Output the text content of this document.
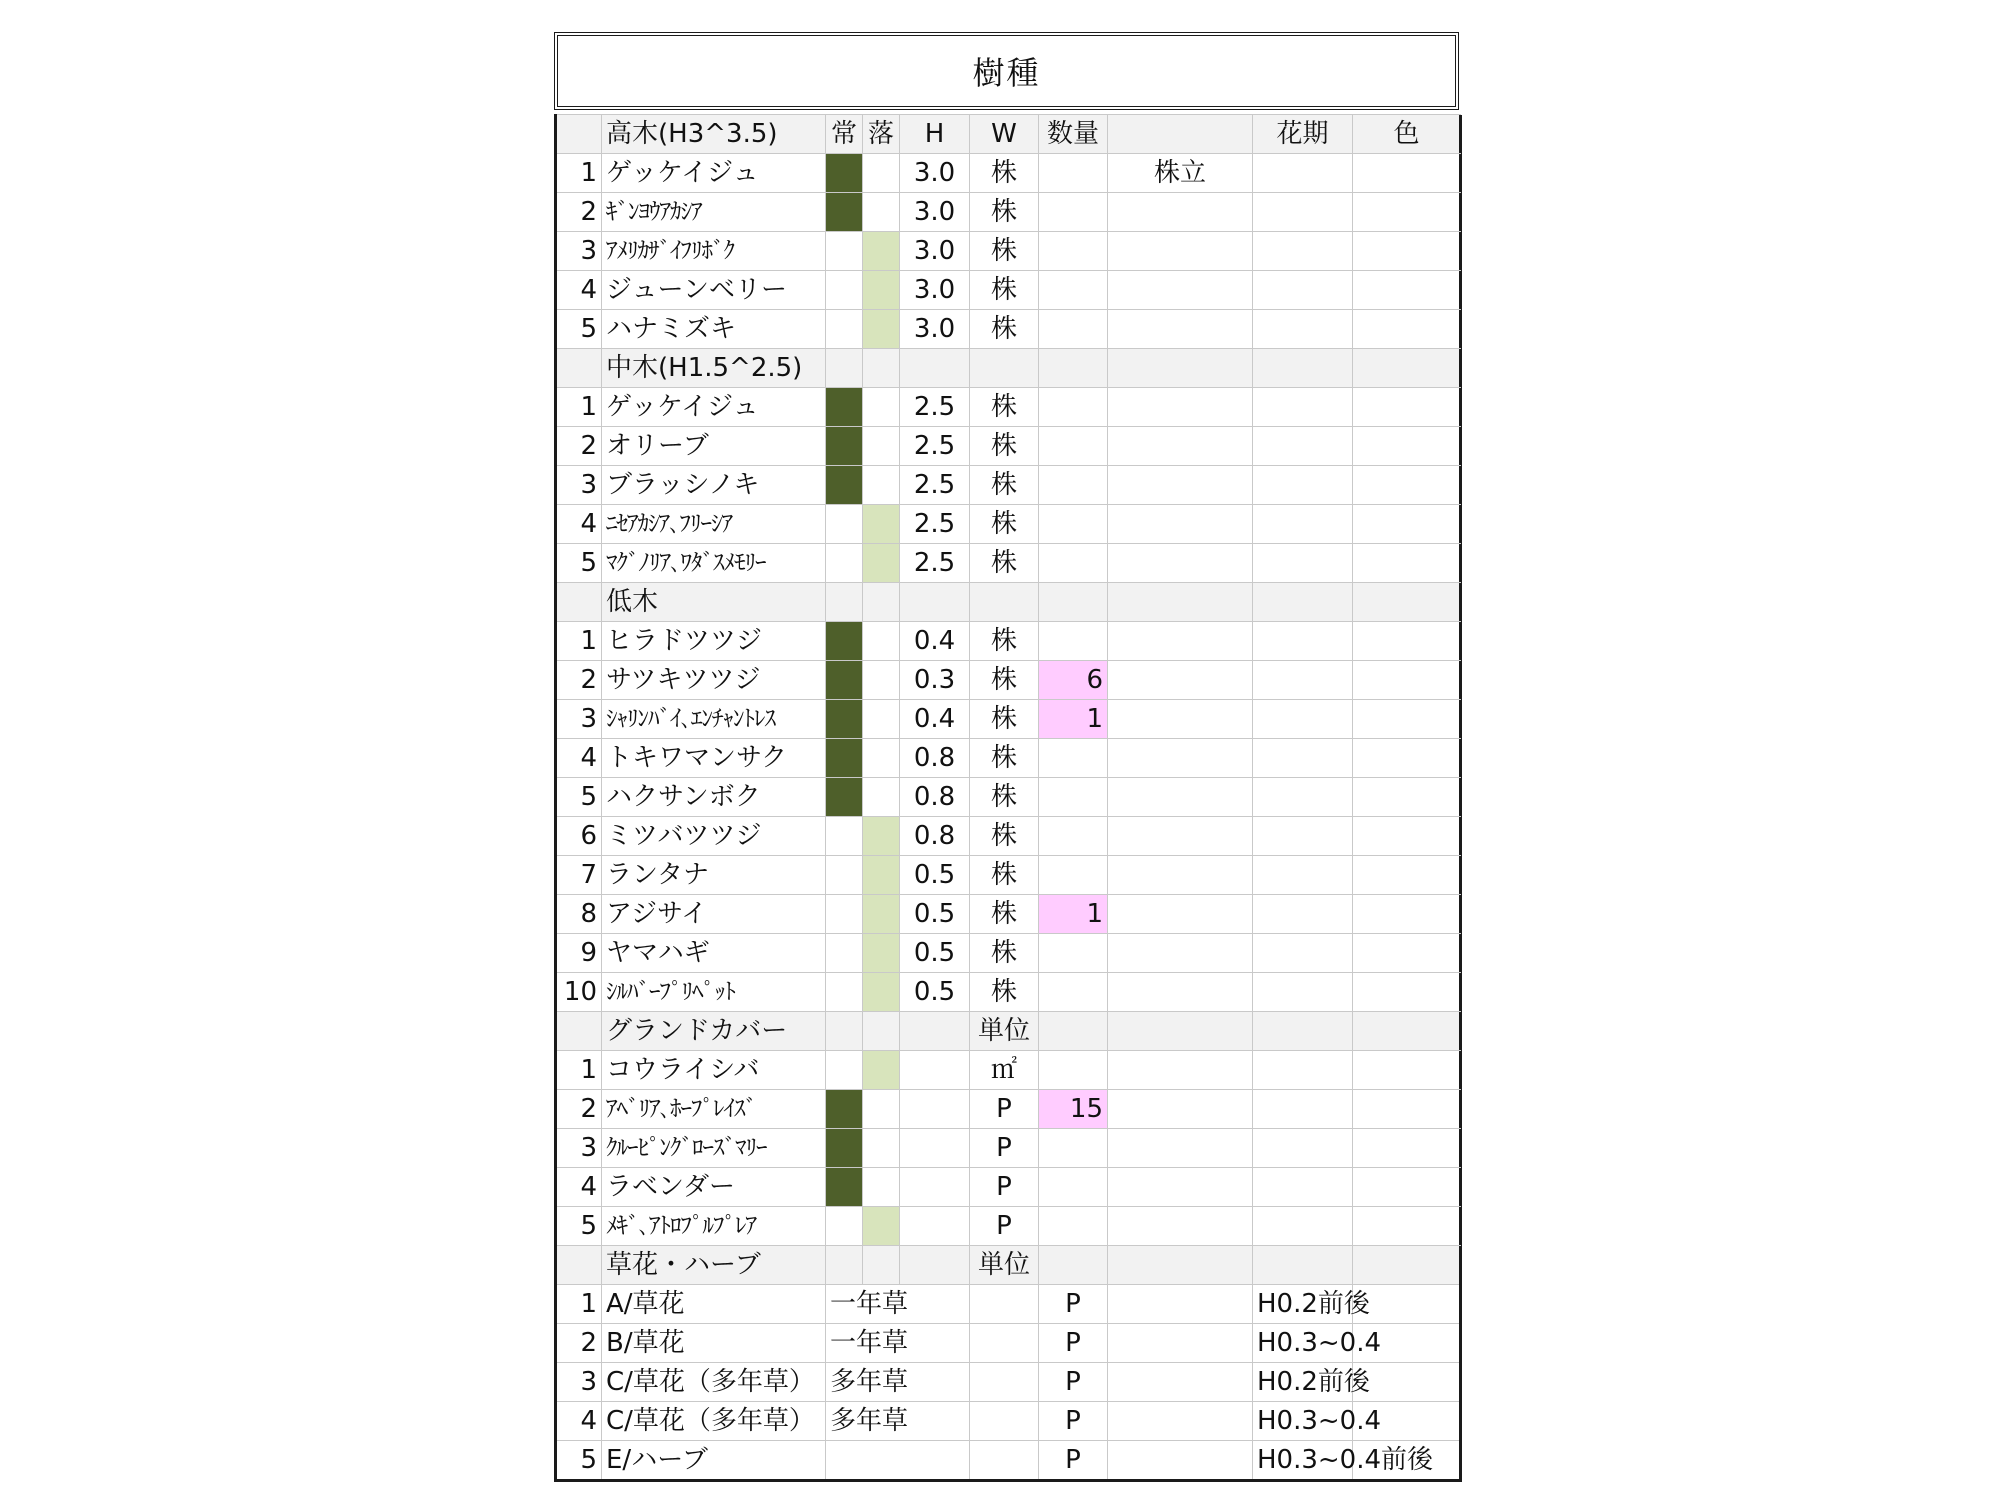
樹種
	高木(H3^3.5)	常	落	H	W	数量		花期	色	
1	ゲッケイジュ			3.0	株		株立			
2	ｷﾞﾝﾖｳｱｶｼｱ			3.0	株					
3	ｱﾒﾘｶｻﾞｲﾌﾘﾎﾞｸ			3.0	株					
4	ジューンベリー			3.0	株					
5	ハナミズキ			3.0	株					
	中木(H1.5^2.5)									
1	ゲッケイジュ			2.5	株					
2	オリーブ			2.5	株					
3	ブラッシノキ			2.5	株					
4	ﾆｾｱｶｼｱ､ﾌﾘｰｼｱ			2.5	株					
5	ﾏｸﾞﾉﾘｱ､ﾜﾀﾞｽﾒﾓﾘｰ			2.5	株					
	低木									
1	ヒラドツツジ			0.4	株					
2	サツキツツジ			0.3	株	6				
3	ｼｬﾘﾝﾊﾞｲ､ｴﾝﾁｬﾝﾄﾚｽ			0.4	株	1				
4	トキワマンサク			0.8	株					
5	ハクサンボク			0.8	株					
6	ミツバツツジ			0.8	株					
7	ランタナ			0.5	株					
8	アジサイ			0.5	株	1				
9	ヤマハギ			0.5	株					
10	ｼﾙﾊﾞｰﾌﾟﾘﾍﾟｯﾄ			0.5	株					
	グランドカバー				単位					
1	コウライシバ				㎡					
2	ｱﾍﾞﾘｱ､ﾎｰﾌﾟﾚｲｽﾞ				P	15				
3	ｸﾙｰﾋﾟﾝｸﾞﾛｰｽﾞﾏﾘｰ				P					
4	ラベンダー				P					
5	ﾒｷﾞ､ｱﾄﾛﾌﾟﾙﾌﾟﾚｱ				P					
	草花・ハーブ				単位					
1	A/草花	一年草				P		H0.2前後		
2	B/草花	一年草				P		H0.3~0.4		
3	C/草花（多年草）	多年草				P		H0.2前後		
4	C/草花（多年草）	多年草				P		H0.3~0.4		
5	E/ハーブ					P		H0.3~0.4前後		
